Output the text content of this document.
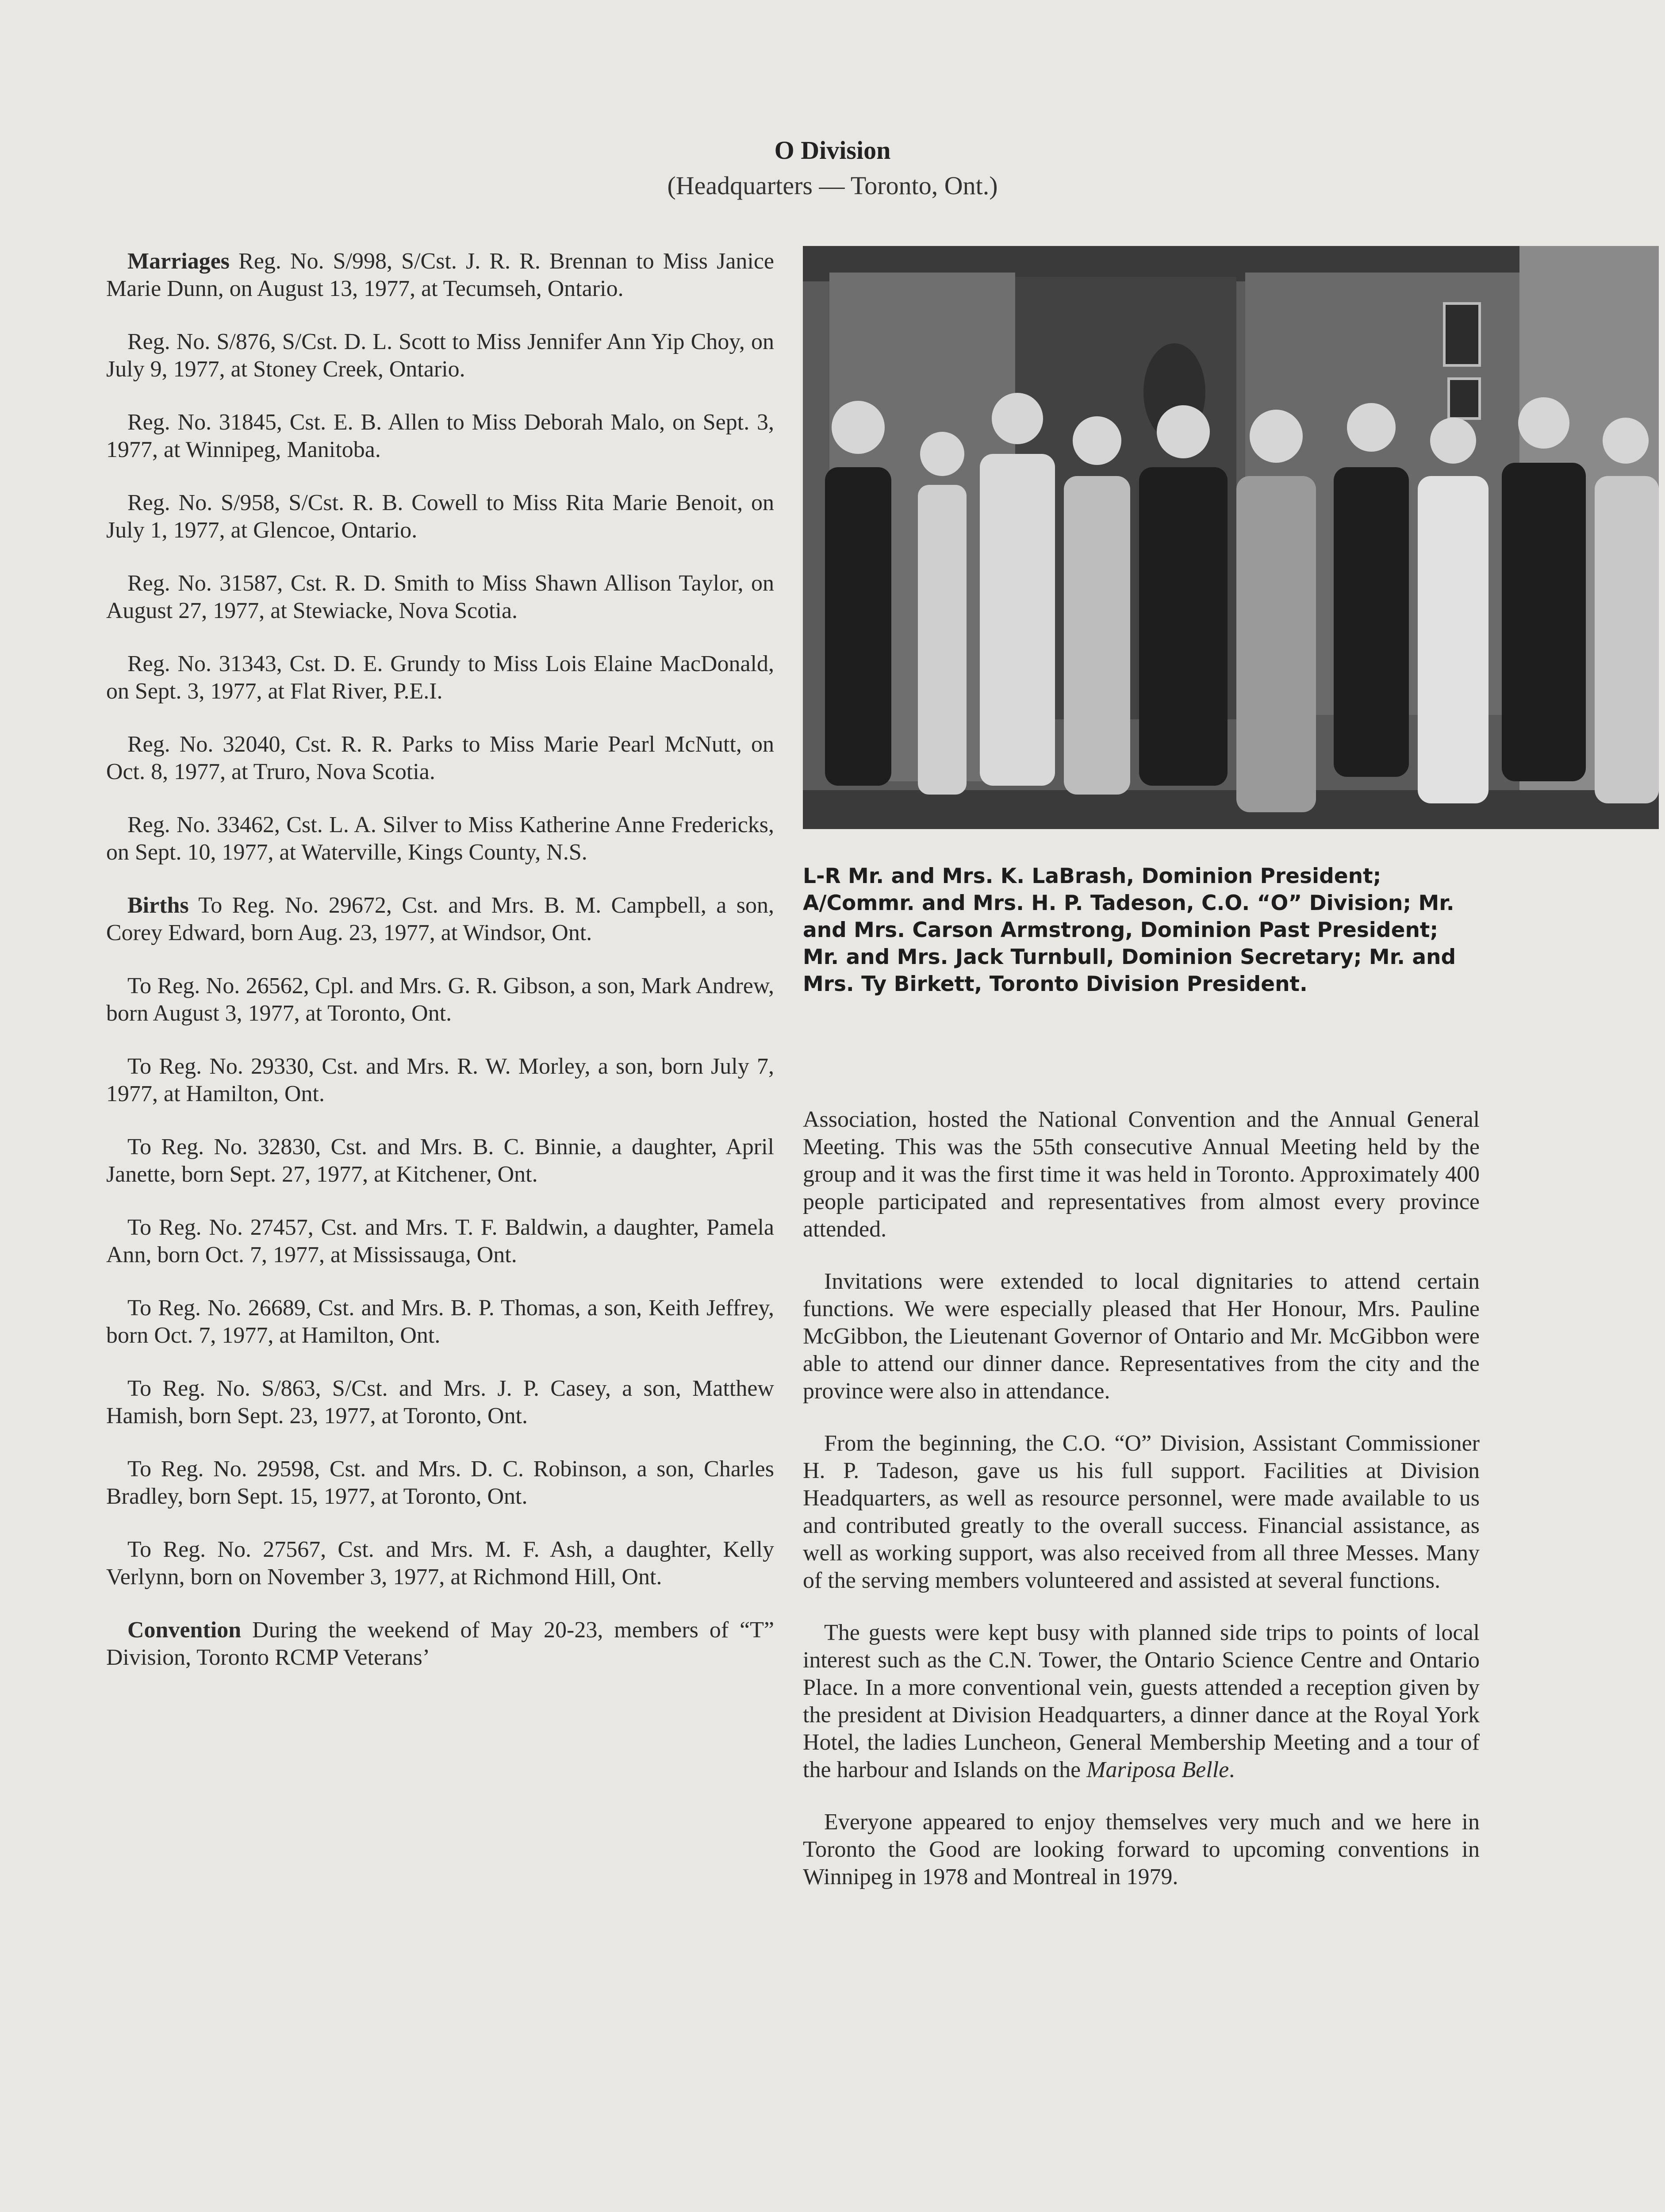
O Division
(Headquarters — Toronto, Ont.)

Marriages Reg. No. S/998, S/Cst. J. R. R. Brennan to Miss Janice Marie Dunn, on August 13, 1977, at Tecumseh, Ontario.

Reg. No. S/876, S/Cst. D. L. Scott to Miss Jennifer Ann Yip Choy, on July 9, 1977, at Stoney Creek, Ontario.

Reg. No. 31845, Cst. E. B. Allen to Miss Deborah Malo, on Sept. 3, 1977, at Winnipeg, Manitoba.

Reg. No. S/958, S/Cst. R. B. Cowell to Miss Rita Marie Benoit, on July 1, 1977, at Glencoe, Ontario.

Reg. No. 31587, Cst. R. D. Smith to Miss Shawn Allison Taylor, on August 27, 1977, at Stewiacke, Nova Scotia.

Reg. No. 31343, Cst. D. E. Grundy to Miss Lois Elaine MacDonald, on Sept. 3, 1977, at Flat River, P.E.I.

Reg. No. 32040, Cst. R. R. Parks to Miss Marie Pearl McNutt, on Oct. 8, 1977, at Truro, Nova Scotia.

Reg. No. 33462, Cst. L. A. Silver to Miss Katherine Anne Fredericks, on Sept. 10, 1977, at Waterville, Kings County, N.S.

Births To Reg. No. 29672, Cst. and Mrs. B. M. Campbell, a son, Corey Edward, born Aug. 23, 1977, at Windsor, Ont.

To Reg. No. 26562, Cpl. and Mrs. G. R. Gibson, a son, Mark Andrew, born August 3, 1977, at Toronto, Ont.

To Reg. No. 29330, Cst. and Mrs. R. W. Morley, a son, born July 7, 1977, at Hamilton, Ont.

To Reg. No. 32830, Cst. and Mrs. B. C. Binnie, a daughter, April Janette, born Sept. 27, 1977, at Kitchener, Ont.

To Reg. No. 27457, Cst. and Mrs. T. F. Baldwin, a daughter, Pamela Ann, born Oct. 7, 1977, at Mississauga, Ont.

To Reg. No. 26689, Cst. and Mrs. B. P. Thomas, a son, Keith Jeffrey, born Oct. 7, 1977, at Hamilton, Ont.

To Reg. No. S/863, S/Cst. and Mrs. J. P. Casey, a son, Matthew Hamish, born Sept. 23, 1977, at Toronto, Ont.

To Reg. No. 29598, Cst. and Mrs. D. C. Robinson, a son, Charles Bradley, born Sept. 15, 1977, at Toronto, Ont.

To Reg. No. 27567, Cst. and Mrs. M. F. Ash, a daughter, Kelly Verlynn, born on November 3, 1977, at Richmond Hill, Ont.

Convention During the weekend of May 20-23, members of “T” Division, Toronto RCMP Veterans’

L-R Mr. and Mrs. K. LaBrash, Dominion President; A/Commr. and Mrs. H. P. Tadeson, C.O. “O” Division; Mr. and Mrs. Carson Armstrong, Dominion Past President; Mr. and Mrs. Jack Turnbull, Dominion Secretary; Mr. and Mrs. Ty Birkett, Toronto Division President.

Association, hosted the National Convention and the Annual General Meeting. This was the 55th consecutive Annual Meeting held by the group and it was the first time it was held in Toronto. Approximately 400 people participated and representatives from almost every province attended.

Invitations were extended to local dignitaries to attend certain functions. We were especially pleased that Her Honour, Mrs. Pauline McGibbon, the Lieutenant Governor of Ontario and Mr. McGibbon were able to attend our dinner dance. Representatives from the city and the province were also in attendance.

From the beginning, the C.O. “O” Division, Assistant Commissioner H. P. Tadeson, gave us his full support. Facilities at Division Headquarters, as well as resource personnel, were made available to us and contributed greatly to the overall success. Financial assistance, as well as working support, was also received from all three Messes. Many of the serving members volunteered and assisted at several functions.

The guests were kept busy with planned side trips to points of local interest such as the C.N. Tower, the Ontario Science Centre and Ontario Place. In a more conventional vein, guests attended a reception given by the president at Division Headquarters, a dinner dance at the Royal York Hotel, the ladies Luncheon, General Membership Meeting and a tour of the harbour and Islands on the Mariposa Belle.

Everyone appeared to enjoy themselves very much and we here in Toronto the Good are looking forward to upcoming conventions in Winnipeg in 1978 and Montreal in 1979.
